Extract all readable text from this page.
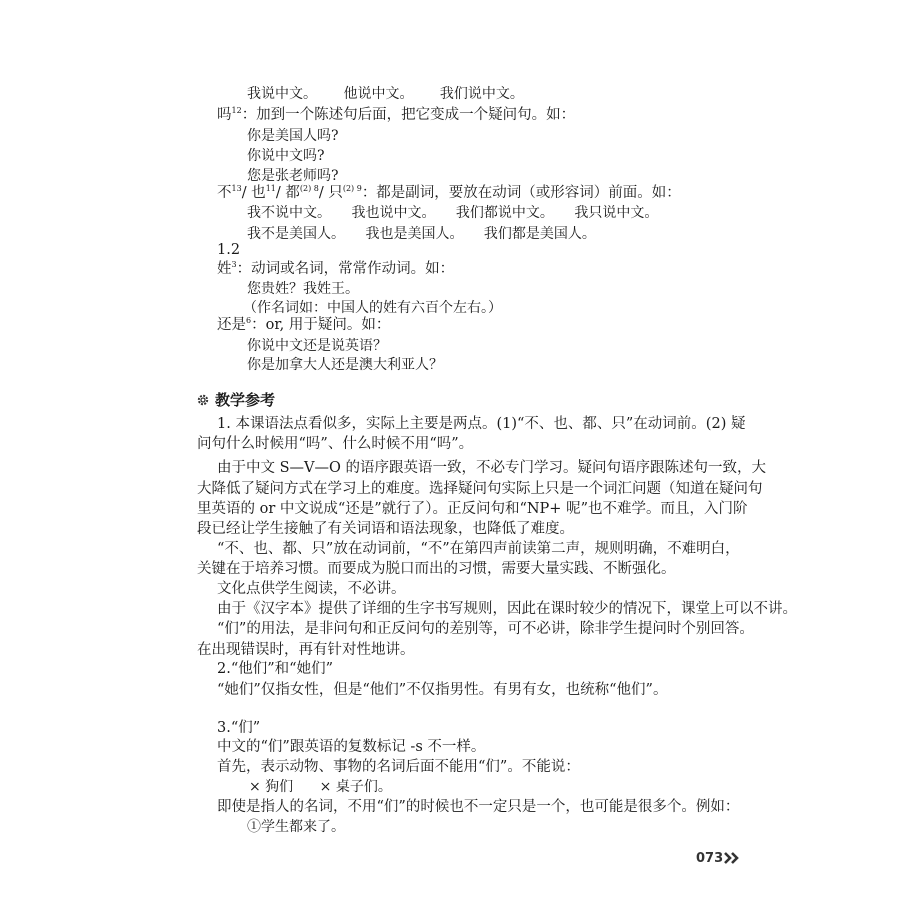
我说中文。 他说中文。 我们说中文。
吗$^{12}$：加到一个陈述句后面，把它变成一个疑问句。如：
你是美国人吗?
你说中文吗?
您是张老师吗?
不$^{13}$/ 也$^{11}$/ 都$^{(2) 8}$/ 只$^{(2) 9}$：都是副词，要放在动词（或形容词）前面。如：
我不说中文。 我也说中文。 我们都说中文。 我只说中文。
我不是美国人。 我也是美国人。 我们都是美国人。
1.2
姓$^3$：动词或名词，常常作动词。如：
您贵姓？我姓王。
（作名词如：中国人的姓有六百个左右。）
还是$^6$：or, 用于疑问。如：
你说中文还是说英语？
你是加拿大人还是澳大利亚人？
教学参考
1. 本课语法点看似多，实际上主要是两点。(1)“不、也、都、只”在动词前。(2) 疑
问句什么时候用“吗”、什么时候不用“吗”。
由于中文 S—V—O 的语序跟英语一致，不必专门学习。疑问句语序跟陈述句一致，大
大降低了疑问方式在学习上的难度。选择疑问句实际上只是一个词汇问题（知道在疑问句
里英语的 or 中文说成“还是”就行了）。正反问句和“NP+ 呢”也不难学。而且，入门阶
段已经让学生接触了有关词语和语法现象，也降低了难度。
“不、也、都、只”放在动词前，“不”在第四声前读第二声，规则明确，不难明白，
关键在于培养习惯。而要成为脱口而出的习惯，需要大量实践、不断强化。
文化点供学生阅读，不必讲。
由于《汉字本》提供了详细的生字书写规则，因此在课时较少的情况下，课堂上可以不讲。
“们”的用法，是非问句和正反问句的差别等，可不必讲，除非学生提问时个别回答。
在出现错误时，再有针对性地讲。
2.“他们”和“她们”
“她们”仅指女性，但是“他们”不仅指男性。有男有女，也统称“他们”。
3.“们”
中文的“们”跟英语的复数标记 -s 不一样。
首先，表示动物、事物的名词后面不能用“们”。不能说：
× 狗们 × 桌子们。
即使是指人的名词，不用“们”的时候也不一定只是一个，也可能是很多个。例如：
①学生都来了。
073
